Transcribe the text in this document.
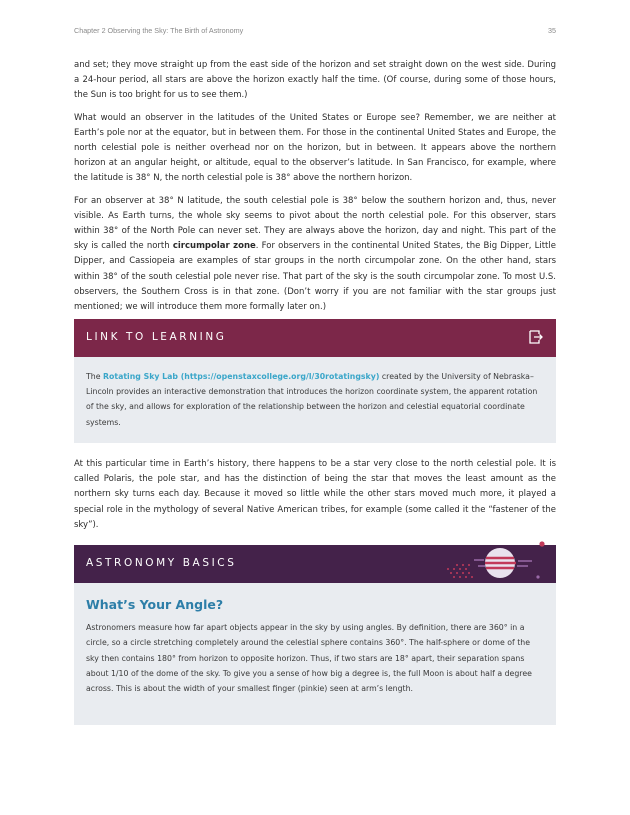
Chapter 2 Observing the Sky: The Birth of Astronomy	35

and set; they move straight up from the east side of the horizon and set straight down on the west side. During a 24-hour period, all stars are above the horizon exactly half the time. (Of course, during some of those hours, the Sun is too bright for us to see them.)

What would an observer in the latitudes of the United States or Europe see? Remember, we are neither at Earth’s pole nor at the equator, but in between them. For those in the continental United States and Europe, the north celestial pole is neither overhead nor on the horizon, but in between. It appears above the northern horizon at an angular height, or altitude, equal to the observer’s latitude. In San Francisco, for example, where the latitude is 38° N, the north celestial pole is 38° above the northern horizon.

For an observer at 38° N latitude, the south celestial pole is 38° below the southern horizon and, thus, never visible. As Earth turns, the whole sky seems to pivot about the north celestial pole. For this observer, stars within 38° of the North Pole can never set. They are always above the horizon, day and night. This part of the sky is called the north circumpolar zone. For observers in the continental United States, the Big Dipper, Little Dipper, and Cassiopeia are examples of star groups in the north circumpolar zone. On the other hand, stars within 38° of the south celestial pole never rise. That part of the sky is the south circumpolar zone. To most U.S. observers, the Southern Cross is in that zone. (Don’t worry if you are not familiar with the star groups just mentioned; we will introduce them more formally later on.)

LINK TO LEARNING

The Rotating Sky Lab (https://openstaxcollege.org/l/30rotatingsky) created by the University of Nebraska–Lincoln provides an interactive demonstration that introduces the horizon coordinate system, the apparent rotation of the sky, and allows for exploration of the relationship between the horizon and celestial equatorial coordinate systems.

At this particular time in Earth’s history, there happens to be a star very close to the north celestial pole. It is called Polaris, the pole star, and has the distinction of being the star that moves the least amount as the northern sky turns each day. Because it moved so little while the other stars moved much more, it played a special role in the mythology of several Native American tribes, for example (some called it the “fastener of the sky”).

ASTRONOMY BASICS
What’s Your Angle?

Astronomers measure how far apart objects appear in the sky by using angles. By definition, there are 360° in a circle, so a circle stretching completely around the celestial sphere contains 360°. The half-sphere or dome of the sky then contains 180° from horizon to opposite horizon. Thus, if two stars are 18° apart, their separation spans about 1/10 of the dome of the sky. To give you a sense of how big a degree is, the full Moon is about half a degree across. This is about the width of your smallest finger (pinkie) seen at arm’s length.
